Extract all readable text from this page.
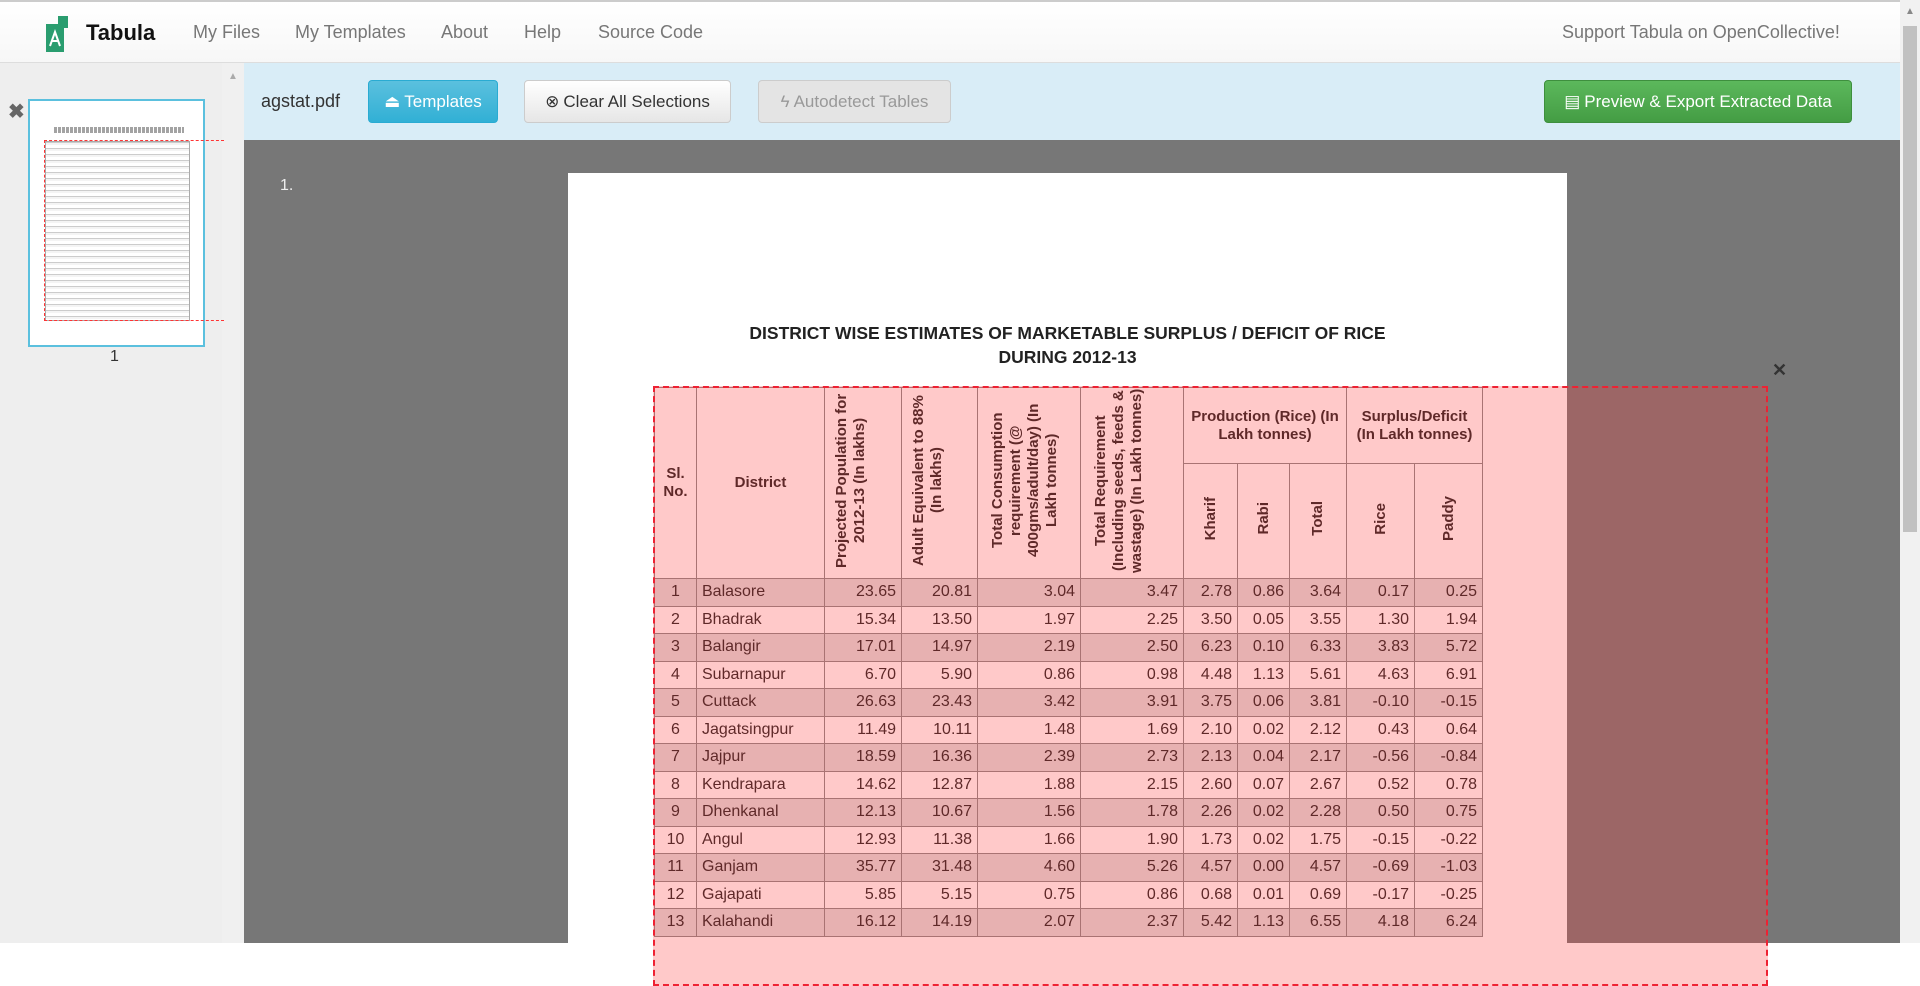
Tabula My Files My Templates About Help Source Code	Support Tabula on OpenCollective!
▲
▲
✖
1
agstat.pdf	⏏ Templates	⊗ Clear All Selections	ϟ Autodetect Tables	▤ Preview & Export Extracted Data
1.
DISTRICT WISE ESTIMATES OF MARKETABLE SURPLUS / DEFICIT OF RICE
DURING 2012-13
Sl. No.	District	Projected Population for 2012-13 (In lakhs)	Adult Equivalent to 88% (In lakhs)	Total Consumption requirement (@ 400gms/adult/day) (In Lakh tonnes)	Total Requirement (Including seeds, feeds & wastage) (In Lakh tonnes)	Production (Rice) (In Lakh tonnes)			Surplus/Deficit (In Lakh tonnes)	
						Kharif	Rabi	Total	Rice	Paddy
1	Balasore	23.65	20.81	3.04	3.47	2.78	0.86	3.64	0.17	0.25
2	Bhadrak	15.34	13.50	1.97	2.25	3.50	0.05	3.55	1.30	1.94
3	Balangir	17.01	14.97	2.19	2.50	6.23	0.10	6.33	3.83	5.72
4	Subarnapur	6.70	5.90	0.86	0.98	4.48	1.13	5.61	4.63	6.91
5	Cuttack	26.63	23.43	3.42	3.91	3.75	0.06	3.81	-0.10	-0.15
6	Jagatsingpur	11.49	10.11	1.48	1.69	2.10	0.02	2.12	0.43	0.64
7	Jajpur	18.59	16.36	2.39	2.73	2.13	0.04	2.17	-0.56	-0.84
8	Kendrapara	14.62	12.87	1.88	2.15	2.60	0.07	2.67	0.52	0.78
9	Dhenkanal	12.13	10.67	1.56	1.78	2.26	0.02	2.28	0.50	0.75
10	Angul	12.93	11.38	1.66	1.90	1.73	0.02	1.75	-0.15	-0.22
11	Ganjam	35.77	31.48	4.60	5.26	4.57	0.00	4.57	-0.69	-1.03
12	Gajapati	5.85	5.15	0.75	0.86	0.68	0.01	0.69	-0.17	-0.25
13	Kalahandi	16.12	14.19	2.07	2.37	5.42	1.13	6.55	4.18	6.24
✕
